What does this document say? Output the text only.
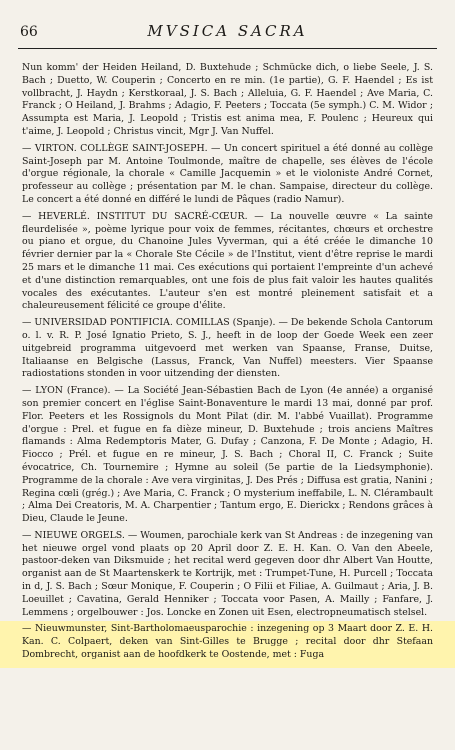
66	MVSICA SACRA

Nun komm' der Heiden Heiland, D. Buxtehude ; Schmücke dich, o liebe Seele, J. S. Bach ; Duetto, W. Couperin ; Concerto en re min. (1e partie), G. F. Haendel ; Es ist vollbracht, J. Haydn ; Kerstkoraal, J. S. Bach ; Alleluia, G. F. Haendel ; Ave Maria, C. Franck ; O Heiland, J. Brahms ; Adagio, F. Peeters ; Toccata (5e symph.) C. M. Widor ; Assumpta est Maria, J. Leopold ; Tristis est anima mea, F. Poulenc ; Heureux qui t'aime, J. Leopold ; Christus vincit, Mgr J. Van Nuffel.

— VIRTON. COLLÈGE SAINT-JOSEPH. — Un concert spirituel a été donné au collège Saint-Joseph par M. Antoine Toulmonde, maître de chapelle, ses élèves de l'école d'orgue régionale, la chorale « Camille Jacquemin » et le violoniste André Cornet, professeur au collège ; présentation par M. le chan. Sampaise, directeur du collège. Le concert a été donné en différé le lundi de Pâques (radio Namur).

— HEVERLÉ. INSTITUT DU SACRÉ-CŒUR. — La nouvelle œuvre « La sainte fleurdelisée », poème lyrique pour voix de femmes, récitantes, chœurs et orchestre ou piano et orgue, du Chanoine Jules Vyverman, qui a été créée le dimanche 10 février dernier par la « Chorale Ste Cécile » de l'Institut, vient d'être reprise le mardi 25 mars et le dimanche 11 mai. Ces exécutions qui portaient l'empreinte d'un achevé et d'une distinction remarquables, ont une fois de plus fait valoir les hautes qualités vocales des exécutantes. L'auteur s'en est montré pleinement satisfait et a chaleureusement félicité ce groupe d'élite.

— UNIVERSIDAD PONTIFICIA. COMILLAS (Spanje). — De bekende Schola Cantorum o. l. v. R. P. José Ignatio Prieto, S. J., heeft in de loop der Goede Week een zeer uitgebreid programma uitgevoerd met werken van Spaanse, Franse, Duitse, Italiaanse en Belgische (Lassus, Franck, Van Nuffel) meesters. Vier Spaanse radiostations stonden in voor uitzending der diensten.

— LYON (France). — La Société Jean-Sébastien Bach de Lyon (4e année) a organisé son premier concert en l'église Saint-Bonaventure le mardi 13 mai, donné par prof. Flor. Peeters et les Rossignols du Mont Pilat (dir. M. l'abbé Vuaillat). Programme d'orgue : Prel. et fugue en fa dièze mineur, D. Buxtehude ; trois anciens Maîtres flamands : Alma Redemptoris Mater, G. Dufay ; Canzona, F. De Monte ; Adagio, H. Fiocco ; Prél. et fugue en re mineur, J. S. Bach ; Choral II, C. Franck ; Suite évocatrice, Ch. Tournemire ; Hymne au soleil (5e partie de la Liedsymphonie). Programme de la chorale : Ave vera virginitas, J. Des Prés ; Diffusa est gratia, Nanini ; Regina cœli (grég.) ; Ave Maria, C. Franck ; O mysterium ineffabile, L. N. Clérambault ; Alma Dei Creatoris, M. A. Charpentier ; Tantum ergo, E. Dierickx ; Rendons grâces à Dieu, Claude le Jeune.

— NIEUWE ORGELS. — Woumen, parochiale kerk van St Andreas : de inzegening van het nieuwe orgel vond plaats op 20 April door Z. E. H. Kan. O. Van den Abeele, pastoor-deken van Diksmuide ; het recital werd gegeven door dhr Albert Van Houtte, organist aan de St Maartenskerk te Kortrijk, met : Trumpet-Tune, H. Purcell ; Toccata in d, J. S. Bach ; Sœur Monique, F. Couperin ; O Filii et Filiae, A. Guilmaut ; Aria, J. B. Loeuillet ; Cavatina, Gerald Henniker ; Toccata voor Pasen, A. Mailly ; Fanfare, J. Lemmens ; orgelbouwer : Jos. Loncke en Zonen uit Esen, electropneumatisch stelsel.

— Nieuwmunster, Sint-Bartholomaeusparochie : inzegening op 3 Maart door Z. E. H. Kan. C. Colpaert, deken van Sint-Gilles te Brugge ; recital door dhr Stefaan Dombrecht, organist aan de hoofdkerk te Oostende, met : Fuga
